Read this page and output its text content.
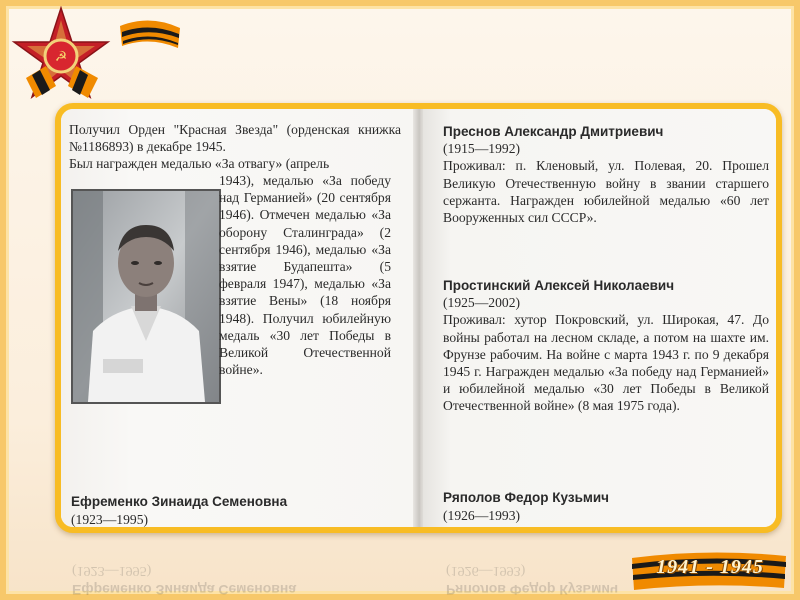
☭

Получил Орден "Красная Звезда" (орденская книжка №1186893) в декабре 1945.

Был награжден медалью «За отвагу» (апрель

1943), медалью «За победу над Германией» (20 сентября 1946). Отмечен медалью «За оборону Сталинграда» (2 сентября 1946), медалью «За взятие Будапешта» (5 февраля 1947), медалью «За взятие Вены» (18 ноября 1948). Получил юбилейную медаль «30 лет Победы в Великой Отечественной войне».
Ефременко Зинаида Семеновна
(1923—1995)

Преснов Александр Дмитриевич

(1915—1992)

Проживал: п. Кленовый, ул. Полевая, 20. Прошел Великую Отечественную войну в звании старшего сержанта. Награжден юбилейной медалью «60 лет Вооруженных сил СССР».

Простинский Алексей Николаевич

(1925—2002)

Проживал: хутор Покровский, ул. Широкая, 47. До войны работал на лесном складе, а потом на шахте им. Фрунзе рабочим. На войне с марта 1943 г. по 9 декабря 1945 г. Награжден медалью «За победу над Германией» и юбилейной медалью «30 лет Победы в Великой Отечественной войне» (8 мая 1975 года).

Ряполов Федор Кузьмич
(1926—1993)
Ефременко Зинаида Семеновна
(1923—1995)
Ряполов Федор Кузьмич
(1926—1993)	1941 - 1945
